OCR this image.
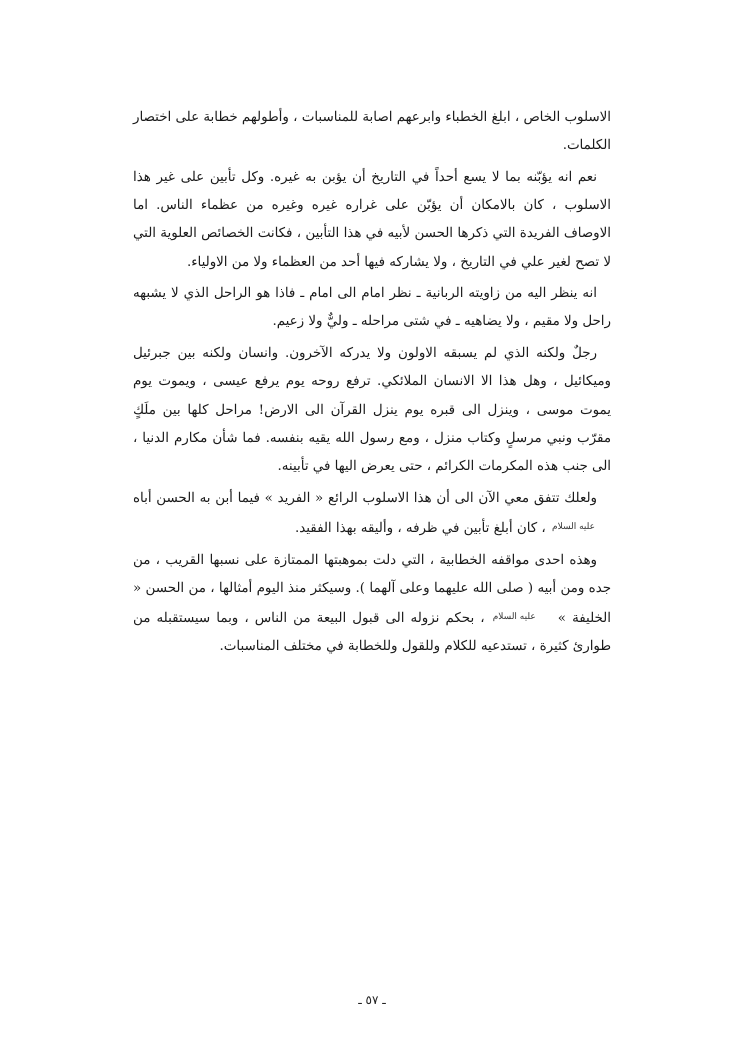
الاسلوب الخاص ، ابلغ الخطباء وابرعهم اصابة للمناسبات ، وأطولهم خطابة على اختصار الكلمات.

نعم انه يؤبّنه بما لا يسع أحداً في التاريخ أن يؤبن به غيره. وكل تأبين على غير هذا الاسلوب ، كان بالامكان أن يؤبّن على غراره غيره وغيره من عظماء الناس. اما الاوصاف الفريدة التي ذكرها الحسن لأبيه في هذا التأبين ، فكانت الخصائص العلوية التي لا تصح لغير علي في التاريخ ، ولا يشاركه فيها أحد من العظماء ولا من الاولياء.

انه ينظر اليه من زاويته الربانية ـ نظر امام الى امام ـ فاذا هو الراحل الذي لا يشبهه راحل ولا مقيم ، ولا يضاهيه ـ في شتى مراحله ـ وليٌّ ولا زعيم.

رجلٌ ولكنه الذي لم يسبقه الاولون ولا يدركه الآخرون. وانسان ولكنه بين جبرئيل وميكائيل ، وهل هذا الا الانسان الملائكي. ترفع روحه يوم يرفع عيسى ، ويموت يوم يموت موسى ، وينزل الى قبره يوم ينزل القرآن الى الارض! مراحل كلها بين ملَكٍ مقرّب ونبي مرسلٍ وكتاب منزل ، ومع رسول الله يقيه بنفسه. فما شأن مكارم الدنيا ، الى جنب هذه المكرمات الكرائم ، حتى يعرض اليها في تأبينه.

ولعلك تتفق معي الآن الى أن هذا الاسلوب الرائع « الفريد » فيما أبن به الحسن أباه عليه السلام ، كان أبلغ تأبين في ظرفه ، وأليقه بهذا الفقيد.

وهذه احدى مواقفه الخطابية ، التي دلت بموهبتها الممتازة على نسبها القريب ، من جده ومن أبيه ( صلى الله عليهما وعلى آلهما ). وسيكثر منذ اليوم أمثالها ، من الحسن « الخليفة » عليه السلام ، بحكم نزوله الى قبول البيعة من الناس ، وبما سيستقبله من طوارئ كثيرة ، تستدعيه للكلام وللقول وللخطابة في مختلف المناسبات.

ـ ٥٧ ـ
